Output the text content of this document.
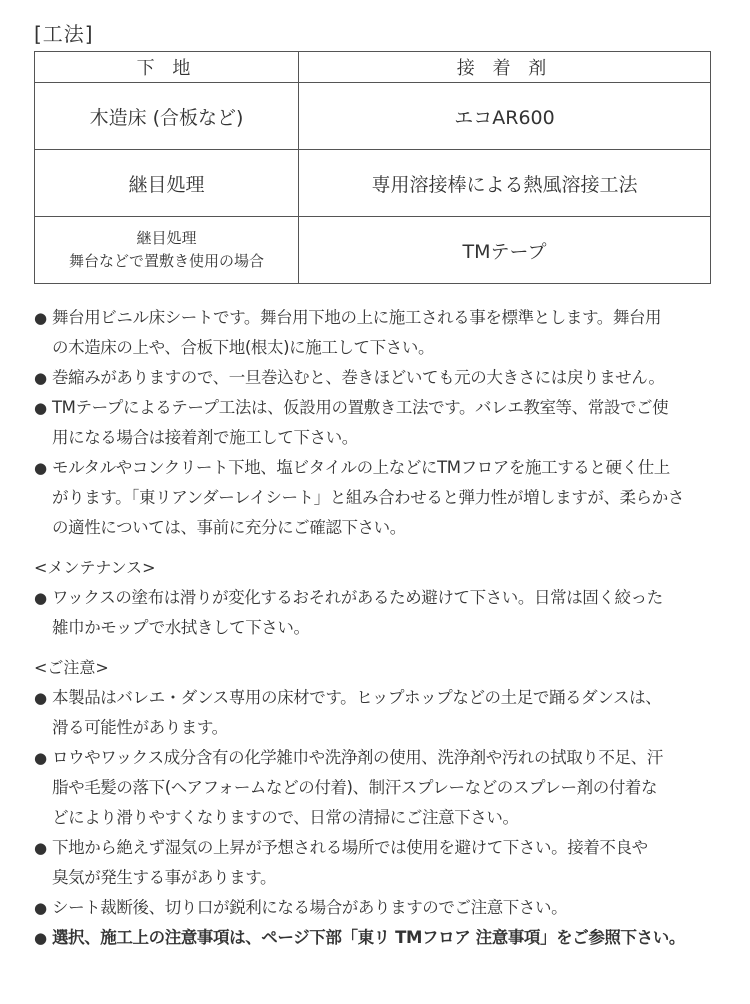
[工法]
下 地	接 着 剤
木造床 (合板など)	エコAR600
継目処理	専用溶接棒による熱風溶接工法
継目処理
舞台などで置敷き使用の場合	TMテープ
● 舞台用ビニル床シートです。舞台用下地の上に施工される事を標準とします。舞台用
の木造床の上や、合板下地(根太)に施工して下さい。
● 巻縮みがありますので、一旦巻込むと、巻きほどいても元の大きさには戻りません。
● TMテープによるテープ工法は、仮設用の置敷き工法です。バレエ教室等、常設でご使
用になる場合は接着剤で施工して下さい。
● モルタルやコンクリート下地、塩ビタイルの上などにTMフロアを施工すると硬く仕上
がります。「東リアンダーレイシート」と組み合わせると弾力性が増しますが、柔らかさ
の適性については、事前に充分にご確認下さい。
<メンテナンス>
● ワックスの塗布は滑りが変化するおそれがあるため避けて下さい。日常は固く絞った
雑巾かモップで水拭きして下さい。
<ご注意>
● 本製品はバレエ・ダンス専用の床材です。ヒップホップなどの土足で踊るダンスは、
滑る可能性があります。
● ロウやワックス成分含有の化学雑巾や洗浄剤の使用、洗浄剤や汚れの拭取り不足、汗
脂や毛髪の落下(ヘアフォームなどの付着)、制汗スプレーなどのスプレー剤の付着な
どにより滑りやすくなりますので、日常の清掃にご注意下さい。
● 下地から絶えず湿気の上昇が予想される場所では使用を避けて下さい。接着不良や
臭気が発生する事があります。
● シート裁断後、切り口が鋭利になる場合がありますのでご注意下さい。
● 選択、施工上の注意事項は、ページ下部「東リ TMフロア 注意事項」をご参照下さい。
